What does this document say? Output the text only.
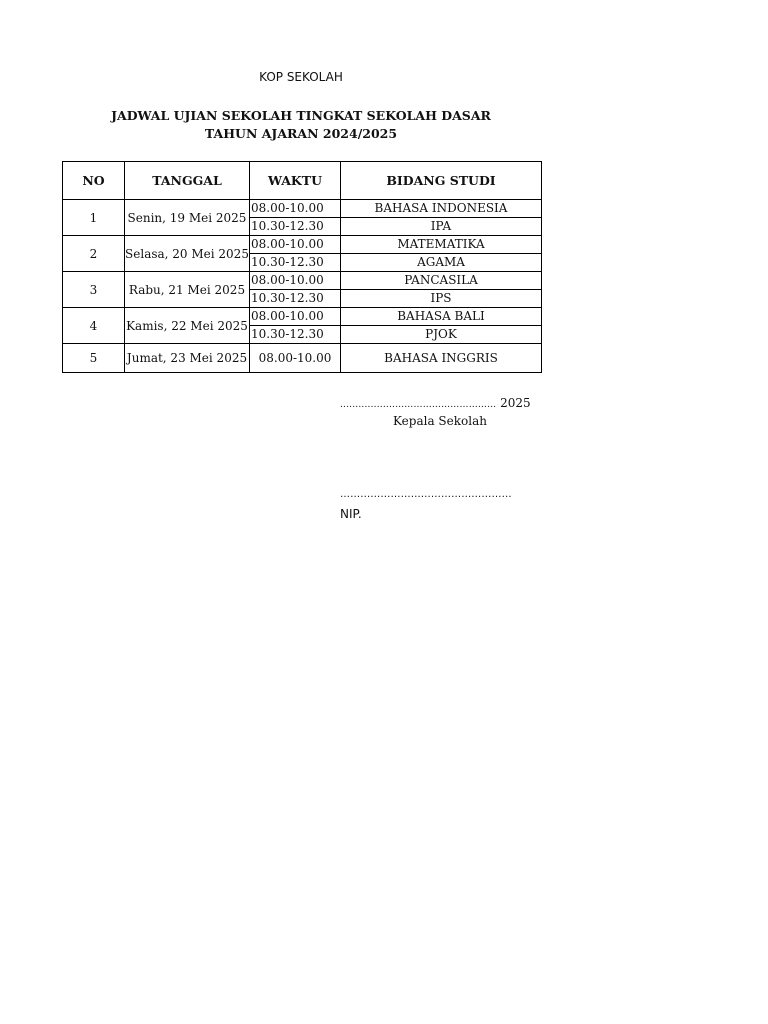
KOP SEKOLAH
JADWAL UJIAN SEKOLAH TINGKAT SEKOLAH DASAR
TAHUN AJARAN 2024/2025
NO	TANGGAL	WAKTU	BIDANG STUDI
1	Senin, 19 Mei 2025	08.00-10.00	BAHASA INDONESIA
		10.30-12.30	IPA
2	Selasa, 20 Mei 2025	08.00-10.00	MATEMATIKA
		10.30-12.30	AGAMA
3	Rabu, 21 Mei 2025	08.00-10.00	PANCASILA
		10.30-12.30	IPS
4	Kamis, 22 Mei 2025	08.00-10.00	BAHASA BALI
		10.30-12.30	PJOK
5	Jumat, 23 Mei 2025	08.00-10.00	BAHASA INGGRIS
..................…………………………… 2025
Kepala Sekolah
……………………………………………
NIP.
